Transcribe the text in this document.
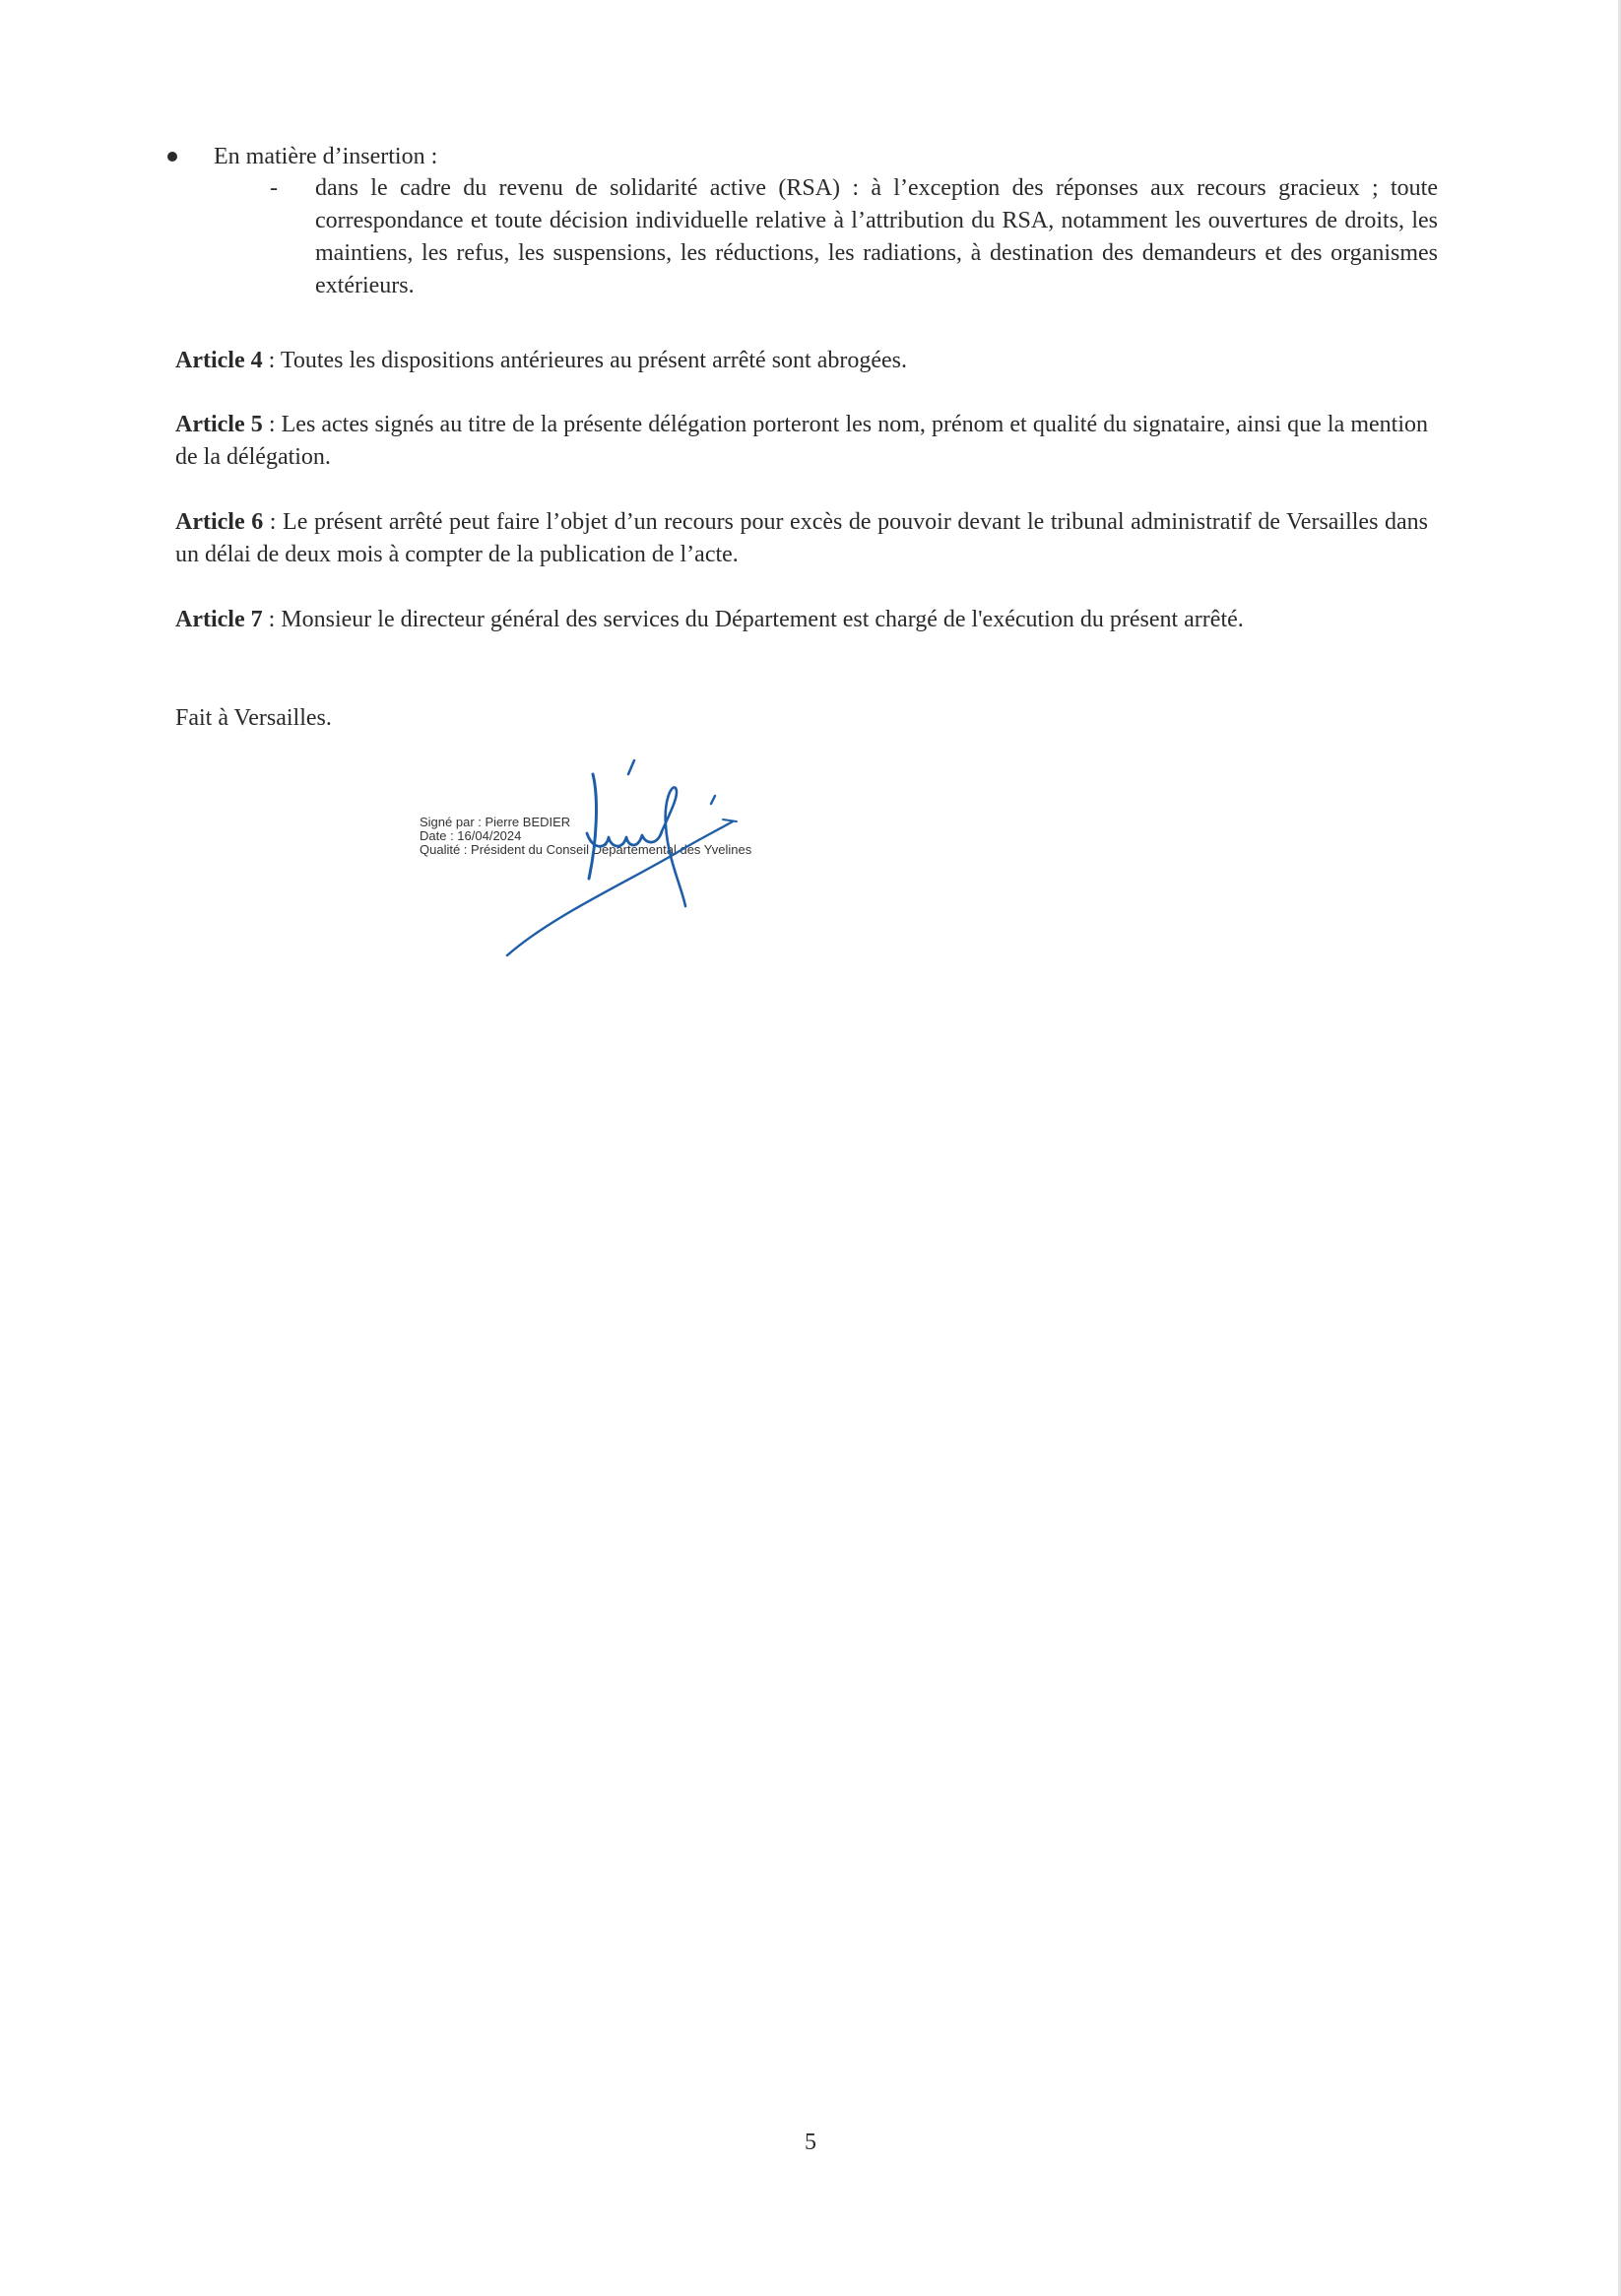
En matière d’insertion :
- dans le cadre du revenu de solidarité active (RSA) : à l’exception des réponses aux recours gracieux ; toute correspondance et toute décision individuelle relative à l’attribution du RSA, notamment les ouvertures de droits, les maintiens, les refus, les suspensions, les réductions, les radiations, à destination des demandeurs et des organismes extérieurs.
Article 4 : Toutes les dispositions antérieures au présent arrêté sont abrogées.
Article 5 : Les actes signés au titre de la présente délégation porteront les nom, prénom et qualité du signataire, ainsi que la mention de la délégation.
Article 6 : Le présent arrêté peut faire l’objet d’un recours pour excès de pouvoir devant le tribunal administratif de Versailles dans un délai de deux mois à compter de la publication de l’acte.
Article 7 : Monsieur le directeur général des services du Département est chargé de l'exécution du présent arrêté.
Fait à Versailles.
Signé par : Pierre BEDIER
Date : 16/04/2024
Qualité : Président du Conseil Départemental des Yvelines
5
